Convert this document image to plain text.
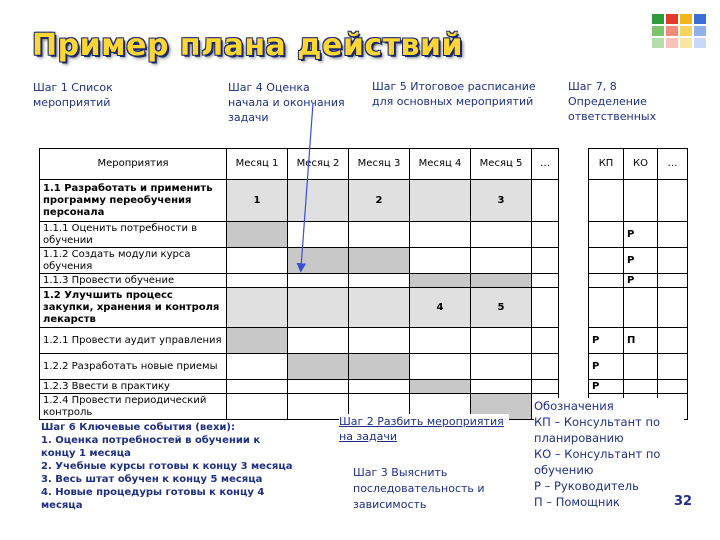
Пример плана действий
Шаг 1 Список мероприятий
Шаг 4 Оценка начала и окончания задачи
Шаг 5 Итоговое расписание для основных мероприятий
Шаг 7, 8 Определение ответственных
Мероприятия	Месяц 1	Месяц 2	Месяц 3	Месяц 4	Месяц 5	…		КП	КО	…
1.1 Разработать и применить программу переобучения персонала	1		2		3					
1.1.1 Оценить потребности в обучении									Р	
1.1.2 Создать модули курса обучения									Р	
1.1.3 Провести обучение									Р	
1.2 Улучшить процесс закупки, хранения и контроля лекарств				4	5					
1.2.1 Провести аудит управления								Р	П	
1.2.2 Разработать новые приемы								Р		
1.2.3 Ввести в практику								Р		
1.2.4 Провести периодический контроль										
Шаг 6 Ключевые события (вехи):
1. Оценка потребностей в обучении к концу 1 месяца
2. Учебные курсы готовы к концу 3 месяца
3. Весь штат обучен к концу 5 месяца
4. Новые процедуры готовы к концу 4 месяца
Шаг 2 Разбить мероприятия на задачи
Шаг 3 Выяснить последовательность и зависимость
Обозначения
КП – Консультант по планированию
КО – Консультант по обучению
Р – Руководитель
П – Помощник	32
